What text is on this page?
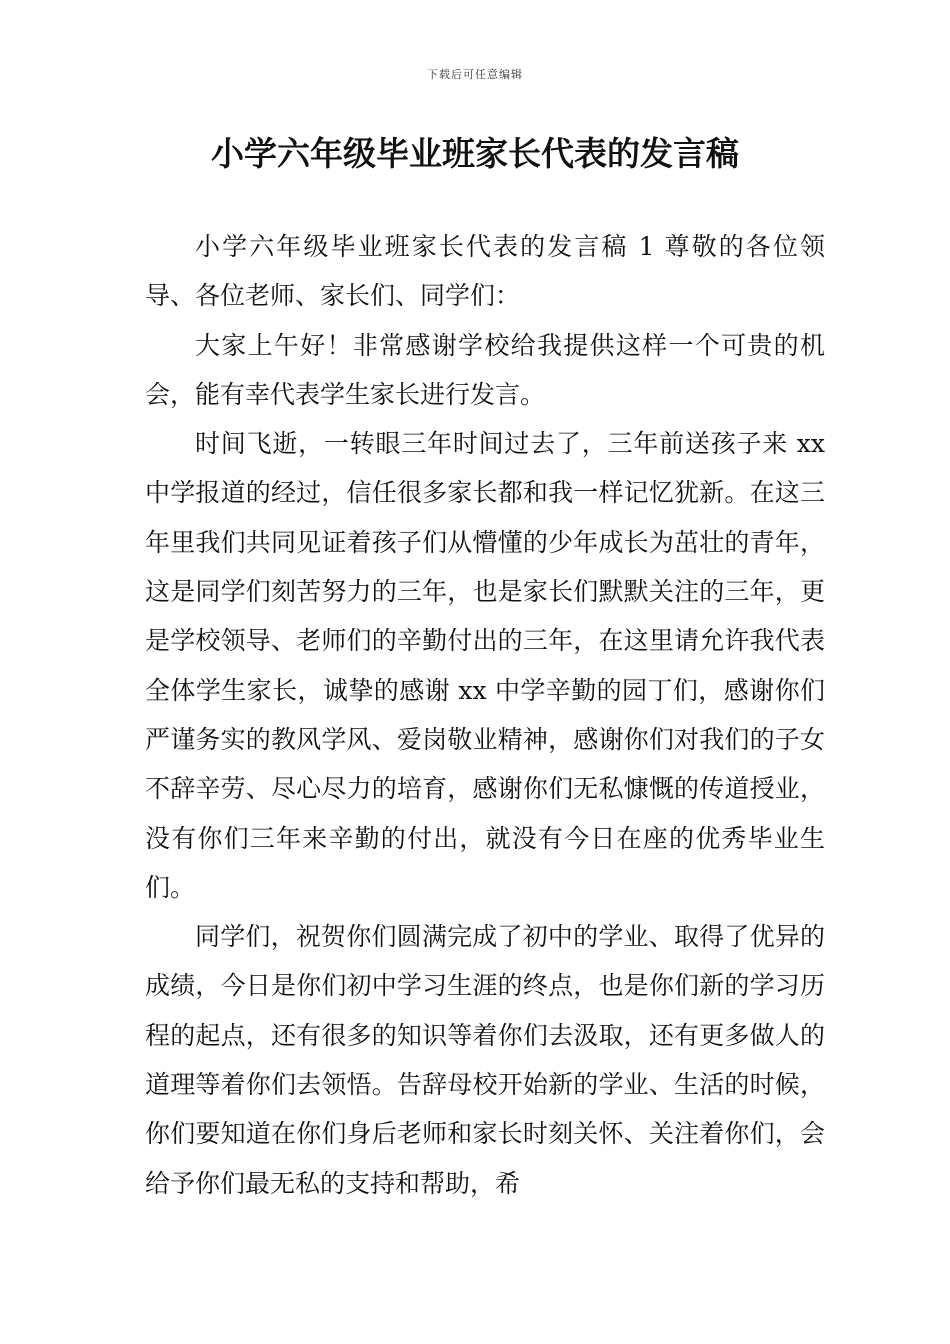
下载后可任意编辑
小学六年级毕业班家长代表的发言稿

小学六年级毕业班家长代表的发言稿 1 尊敬的各位领导、各位老师、家长们、同学们：

大家上午好！非常感谢学校给我提供这样一个可贵的机会，能有幸代表学生家长进行发言。

时间飞逝，一转眼三年时间过去了，三年前送孩子来 xx 中学报道的经过，信任很多家长都和我一样记忆犹新。在这三年里我们共同见证着孩子们从懵懂的少年成长为茁壮的青年，这是同学们刻苦努力的三年，也是家长们默默关注的三年，更是学校领导、老师们的辛勤付出的三年，在这里请允许我代表全体学生家长，诚挚的感谢 xx 中学辛勤的园丁们，感谢你们严谨务实的教风学风、爱岗敬业精神，感谢你们对我们的子女不辞辛劳、尽心尽力的培育，感谢你们无私慷慨的传道授业，没有你们三年来辛勤的付出，就没有今日在座的优秀毕业生们。

同学们，祝贺你们圆满完成了初中的学业、取得了优异的成绩，今日是你们初中学习生涯的终点，也是你们新的学习历程的起点，还有很多的知识等着你们去汲取，还有更多做人的道理等着你们去领悟。告辞母校开始新的学业、生活的时候，你们要知道在你们身后老师和家长时刻关怀、关注着你们，会给予你们最无私的支持和帮助，希
